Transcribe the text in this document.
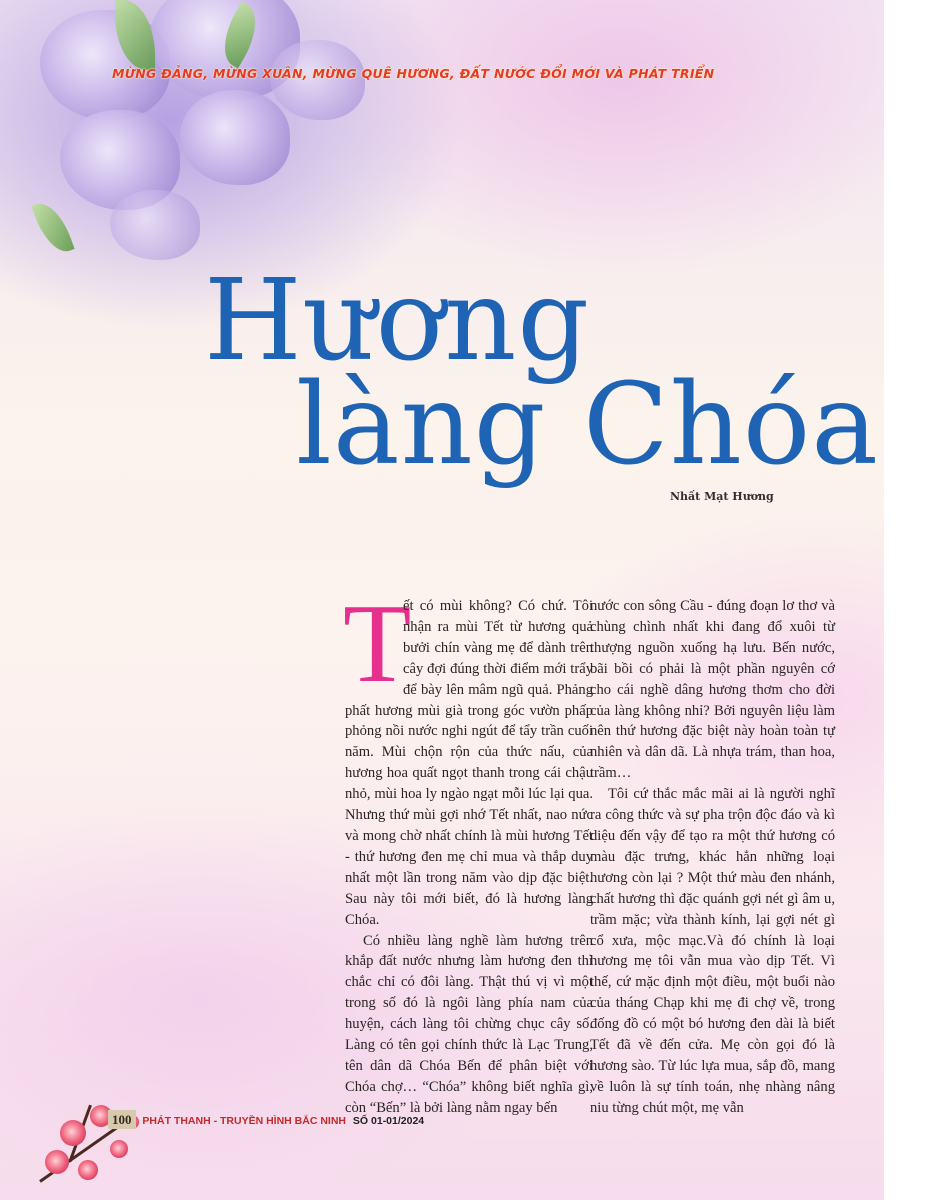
MỪNG ĐẢNG, MỪNG XUÂN, MỪNG QUÊ HƯƠNG, ĐẤT NƯỚC ĐỔI MỚI VÀ PHÁT TRIỂN
Hương
làng Chóa
Nhất Mạt Hương
T

ết có mùi không? Có chứ. Tôi nhận ra mùi Tết từ hương quả bưởi chín vàng mẹ để dành trên cây đợi đúng thời điểm mới trẩy để bày lên mâm ngũ quả. Phảng phất hương mùi già trong góc vườn phấp phỏng nồi nước nghi ngút để tẩy trần cuối năm. Mùi chộn rộn của thức nấu, của hương hoa quất ngọt thanh trong cái chậu nhỏ, mùi hoa ly ngào ngạt mỗi lúc lại qua. Nhưng thứ mùi gợi nhớ Tết nhất, nao nức và mong chờ nhất chính là mùi hương Tết - thứ hương đen mẹ chỉ mua và thắp duy nhất một lần trong năm vào dịp đặc biệt. Sau này tôi mới biết, đó là hương làng Chóa.

Có nhiều làng nghề làm hương trên khắp đất nước nhưng làm hương đen thì chắc chỉ có đôi làng. Thật thú vị vì một trong số đó là ngôi làng phía nam của huyện, cách làng tôi chừng chục cây số. Làng có tên gọi chính thức là Lạc Trung, tên dân dã Chóa Bến để phân biệt với Chóa chợ… “Chóa” không biết nghĩa gì, còn “Bến” là bởi làng nằm ngay bến

nước con sông Cầu - đúng đoạn lơ thơ và chùng chình nhất khi đang đổ xuôi từ thượng nguồn xuống hạ lưu. Bến nước, bãi bồi có phải là một phần nguyên cớ cho cái nghề dâng hương thơm cho đời của làng không nhỉ? Bởi nguyên liệu làm nên thứ hương đặc biệt này hoàn toàn tự nhiên và dân dã. Là nhựa trám, than hoa, trầm…

Tôi cứ thắc mắc mãi ai là người nghĩ ra công thức và sự pha trộn độc đáo và kì diệu đến vậy để tạo ra một thứ hương có màu đặc trưng, khác hẳn những loại hương còn lại ? Một thứ màu đen nhánh, chất hương thì đặc quánh gợi nét gì âm u, trầm mặc; vừa thành kính, lại gợi nét gì cổ xưa, mộc mạc.Và đó chính là loại hương mẹ tôi vẫn mua vào dịp Tết. Vì thế, cứ mặc định một điều, một buổi nào của tháng Chạp khi mẹ đi chợ về, trong đống đồ có một bó hương đen dài là biết Tết đã về đến cửa. Mẹ còn gọi đó là hương sào. Từ lúc lựa mua, sắp đồ, mang về luôn là sự tính toán, nhẹ nhàng nâng niu từng chút một, mẹ vẫn

100 PHÁT THANH - TRUYỀN HÌNH BẮC NINH SỐ 01-01/2024
